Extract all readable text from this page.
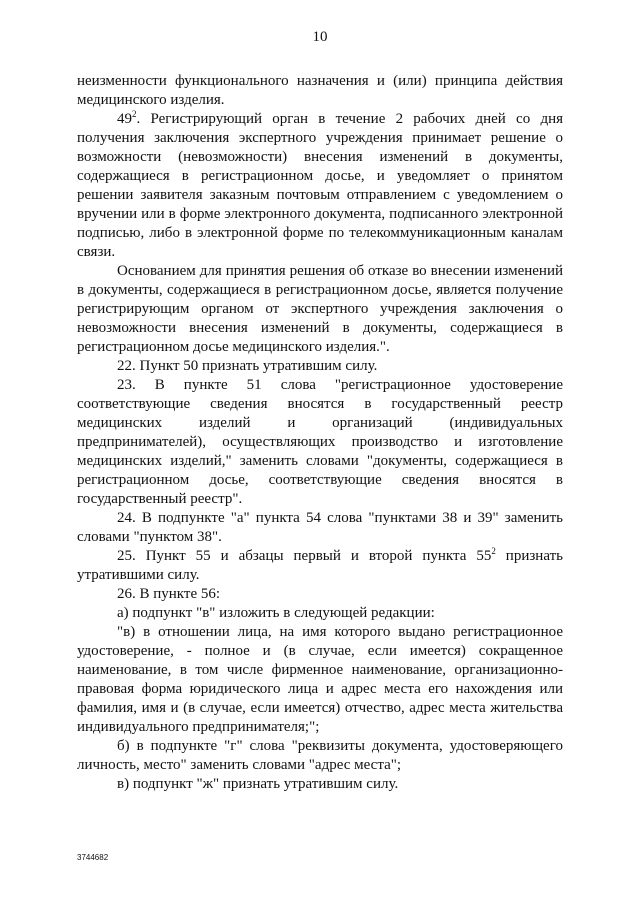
10

неизменности функционального назначения и (или) принципа действия медицинского изделия.

$49^2$. Регистрирующий орган в течение 2 рабочих дней со дня получения заключения экспертного учреждения принимает решение о возможности (невозможности) внесения изменений в документы, содержащиеся в регистрационном досье, и уведомляет о принятом решении заявителя заказным почтовым отправлением с уведомлением о вручении или в форме электронного документа, подписанного электронной подписью, либо в электронной форме по телекоммуникационным каналам связи.

Основанием для принятия решения об отказе во внесении изменений в документы, содержащиеся в регистрационном досье, является получение регистрирующим органом от экспертного учреждения заключения о невозможности внесения изменений в документы, содержащиеся в регистрационном досье медицинского изделия.".

22. Пункт 50 признать утратившим силу.

23. В пункте 51 слова "регистрационное удостоверение соответствующие сведения вносятся в государственный реестр медицинских изделий и организаций (индивидуальных предпринимателей), осуществляющих производство и изготовление медицинских изделий," заменить словами "документы, содержащиеся в регистрационном досье, соответствующие сведения вносятся в государственный реестр".

24. В подпункте "а" пункта 54 слова "пунктами 38 и 39" заменить словами "пунктом 38".

25. Пункт 55 и абзацы первый и второй пункта $55^2$ признать утратившими силу.

26. В пункте 56:

а) подпункт "в" изложить в следующей редакции:

"в) в отношении лица, на имя которого выдано регистрационное удостоверение, - полное и (в случае, если имеется) сокращенное наименование, в том числе фирменное наименование, организационно-правовая форма юридического лица и адрес места его нахождения или фамилия, имя и (в случае, если имеется) отчество, адрес места жительства индивидуального предпринимателя;";

б) в подпункте "г" слова "реквизиты документа, удостоверяющего личность, место" заменить словами "адрес места";

в) подпункт "ж" признать утратившим силу.

3744682
